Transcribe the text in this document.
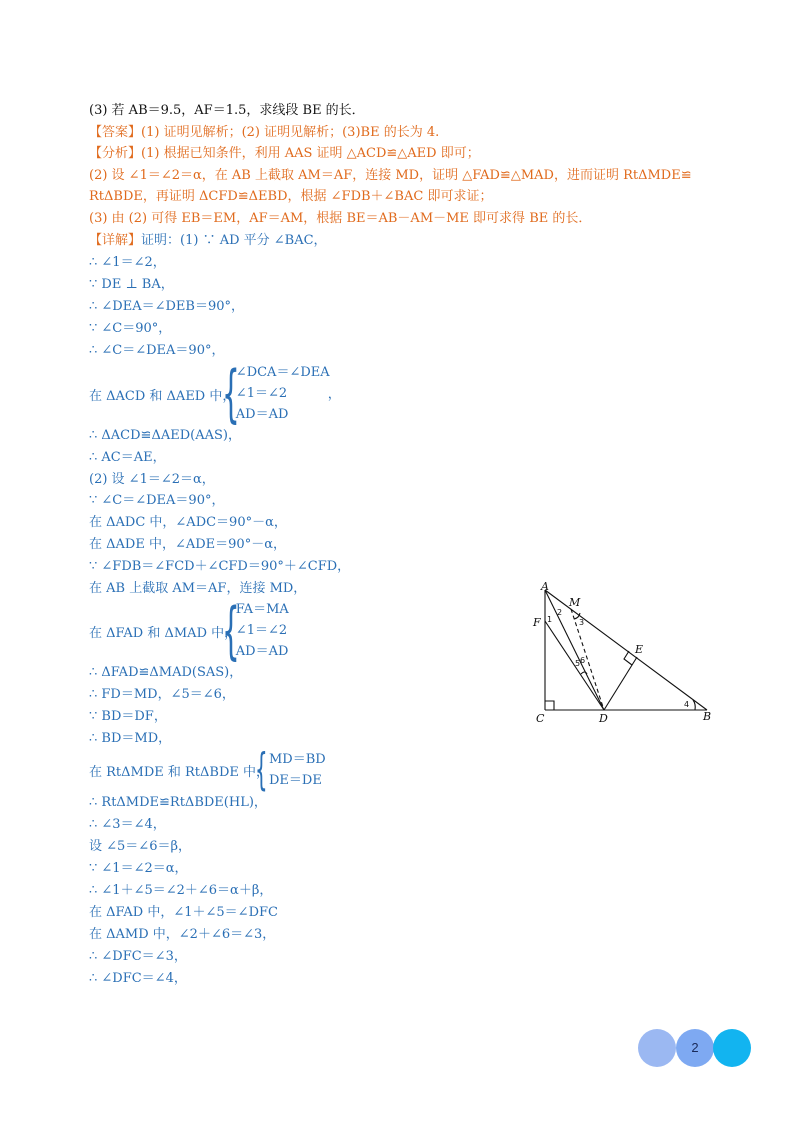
(3) 若 AB＝9.5，AF＝1.5，求线段 BE 的长．
【答案】(1) 证明见解析；(2) 证明见解析；(3)BE 的长为 4.
【分析】(1) 根据已知条件，利用 AAS 证明 △ACD≌△AED 即可；
(2) 设 ∠1＝∠2＝α，在 AB 上截取 AM＝AF，连接 MD，证明 △FAD≌△MAD，进而证明 RtΔMDE≌
RtΔBDE，再证明 ΔCFD≌ΔEBD，根据 ∠FDB＋∠BAC 即可求证；
(3) 由 (2) 可得 EB＝EM，AF＝AM，根据 BE＝AB－AM－ME 即可求得 BE 的长．
【详解】证明：(1) ∵ AD 平分 ∠BAC，
∴ ∠1＝∠2，
∵ DE ⊥ BA，
∴ ∠DEA＝∠DEB＝90°，
∵ ∠C＝90°，
∴ ∠C＝∠DEA＝90°，
∴ ΔACD≌ΔAED(AAS)，
∴ AC＝AE，
(2) 设 ∠1＝∠2＝α，
∵ ∠C＝∠DEA＝90°，
在 ΔADC 中，∠ADC＝90°－α，
在 ΔADE 中，∠ADE＝90°－α，
∵ ∠FDB＝∠FCD＋∠CFD＝90°＋∠CFD，
在 AB 上截取 AM＝AF，连接 MD，
∴ ΔFAD≌ΔMAD(SAS)，
∴ FD＝MD，∠5＝∠6，
∵ BD＝DF，
∴ BD＝MD，
∴ RtΔMDE≌RtΔBDE(HL)，
∴ ∠3＝∠4，
设 ∠5＝∠6＝β，
∵ ∠1＝∠2＝α，
∴ ∠1＋∠5＝∠2＋∠6＝α＋β，
在 ΔFAD 中，∠1＋∠5＝∠DFC
在 ΔAMD 中，∠2＋∠6＝∠3，
∴ ∠DFC＝∠3，
∴ ∠DFC＝∠4，
在 ΔACD 和 ΔAED 中，
{
∠DCA＝∠DEA
∠1＝∠2
AD＝AD
，
在 ΔFAD 和 ΔMAD 中，
{
FA＝MA
∠1＝∠2
AD＝AD
在 RtΔMDE 和 RtΔBDE 中，
{ MD＝BD
DE＝DE
A
M
F
E
C	D	B
1
2
3
4
5 6
2
